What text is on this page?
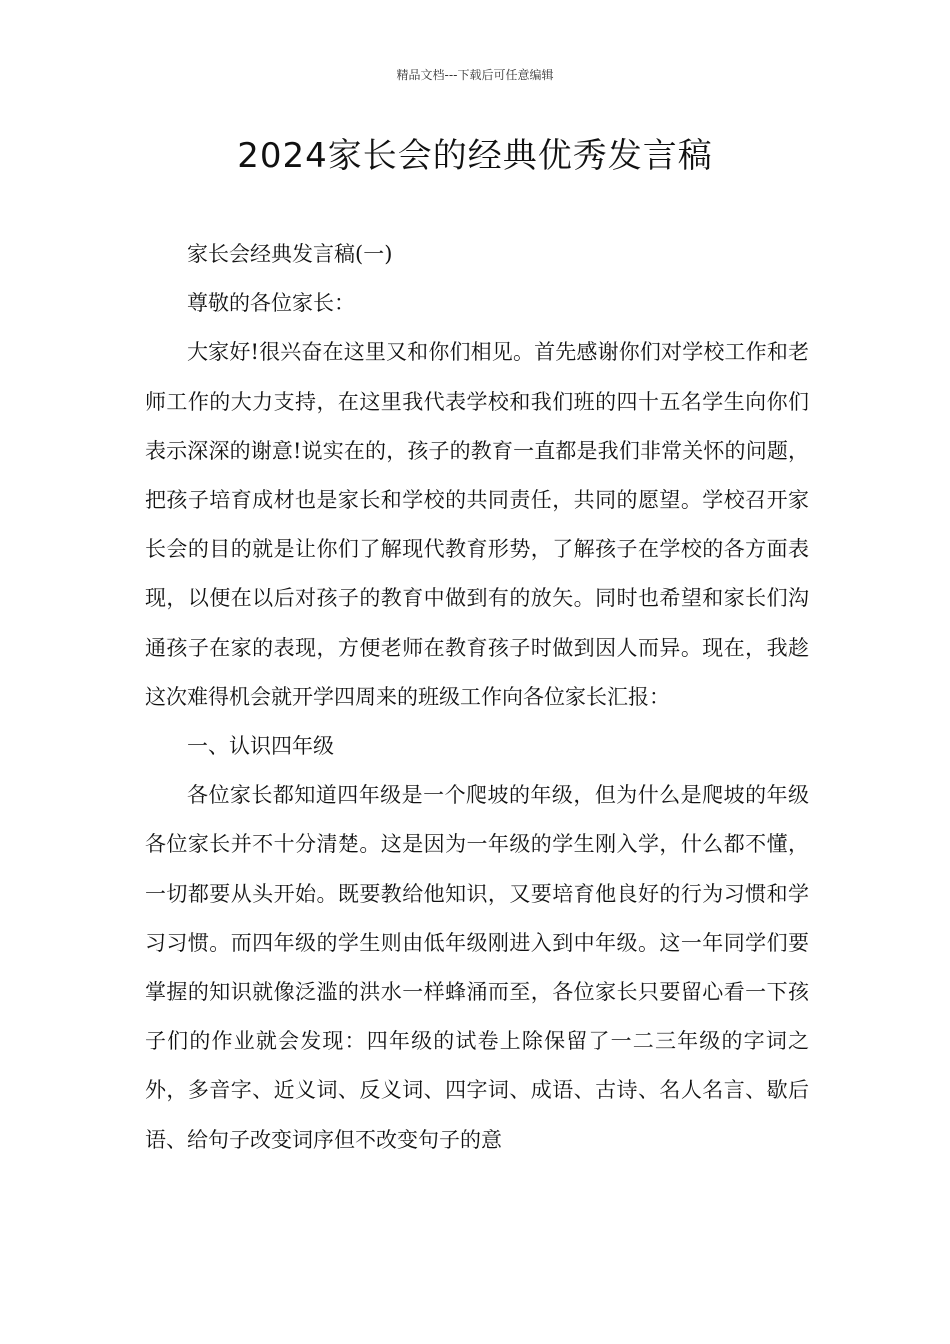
精品文档---下载后可任意编辑
2024家长会的经典优秀发言稿

家长会经典发言稿(一)

尊敬的各位家长：

大家好!很兴奋在这里又和你们相见。首先感谢你们对学校工作和老师工作的大力支持，在这里我代表学校和我们班的四十五名学生向你们表示深深的谢意!说实在的，孩子的教育一直都是我们非常关怀的问题，把孩子培育成材也是家长和学校的共同责任，共同的愿望。学校召开家长会的目的就是让你们了解现代教育形势，了解孩子在学校的各方面表现，以便在以后对孩子的教育中做到有的放矢。同时也希望和家长们沟通孩子在家的表现，方便老师在教育孩子时做到因人而异。现在，我趁这次难得机会就开学四周来的班级工作向各位家长汇报：

一、认识四年级

各位家长都知道四年级是一个爬坡的年级，但为什么是爬坡的年级各位家长并不十分清楚。这是因为一年级的学生刚入学，什么都不懂，一切都要从头开始。既要教给他知识，又要培育他良好的行为习惯和学习习惯。而四年级的学生则由低年级刚进入到中年级。这一年同学们要掌握的知识就像泛滥的洪水一样蜂涌而至，各位家长只要留心看一下孩子们的作业就会发现：四年级的试卷上除保留了一二三年级的字词之外，多音字、近义词、反义词、四字词、成语、古诗、名人名言、歇后语、给句子改变词序但不改变句子的意
